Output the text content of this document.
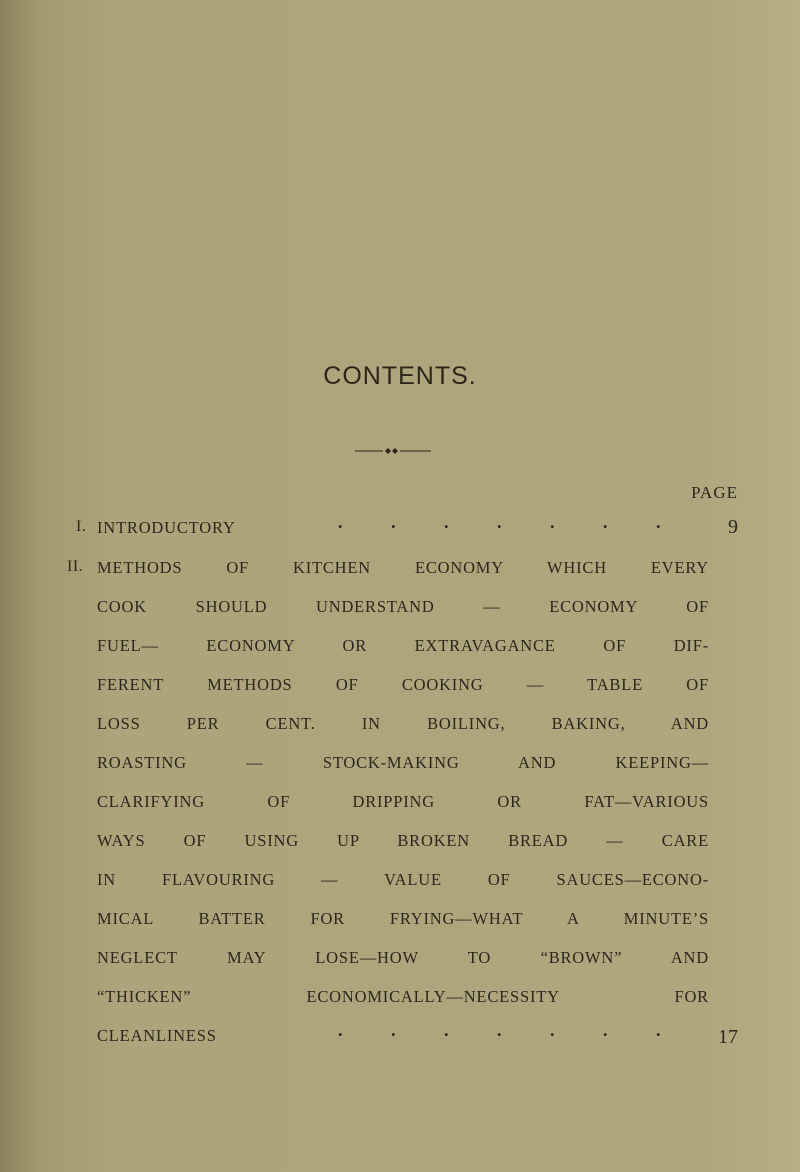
CONTENTS.
PAGE
I. INTRODUCTORY	. . . . . . . 9
II. METHODS OF KITCHEN ECONOMY WHICH EVERY
COOK SHOULD UNDERSTAND — ECONOMY OF
FUEL— ECONOMY OR EXTRAVAGANCE OF DIF-
FERENT METHODS OF COOKING — TABLE OF
LOSS PER CENT. IN BOILING, BAKING, AND
ROASTING — STOCK-MAKING AND KEEPING—
CLARIFYING OF DRIPPING OR FAT—VARIOUS
WAYS OF USING UP BROKEN BREAD — CARE
IN FLAVOURING — VALUE OF SAUCES—ECONO-
MICAL BATTER FOR FRYING—WHAT A MINUTE’S
NEGLECT MAY LOSE—HOW TO “BROWN” AND
“THICKEN” ECONOMICALLY—NECESSITY FOR
CLEANLINESS	. . . . . . . 17
